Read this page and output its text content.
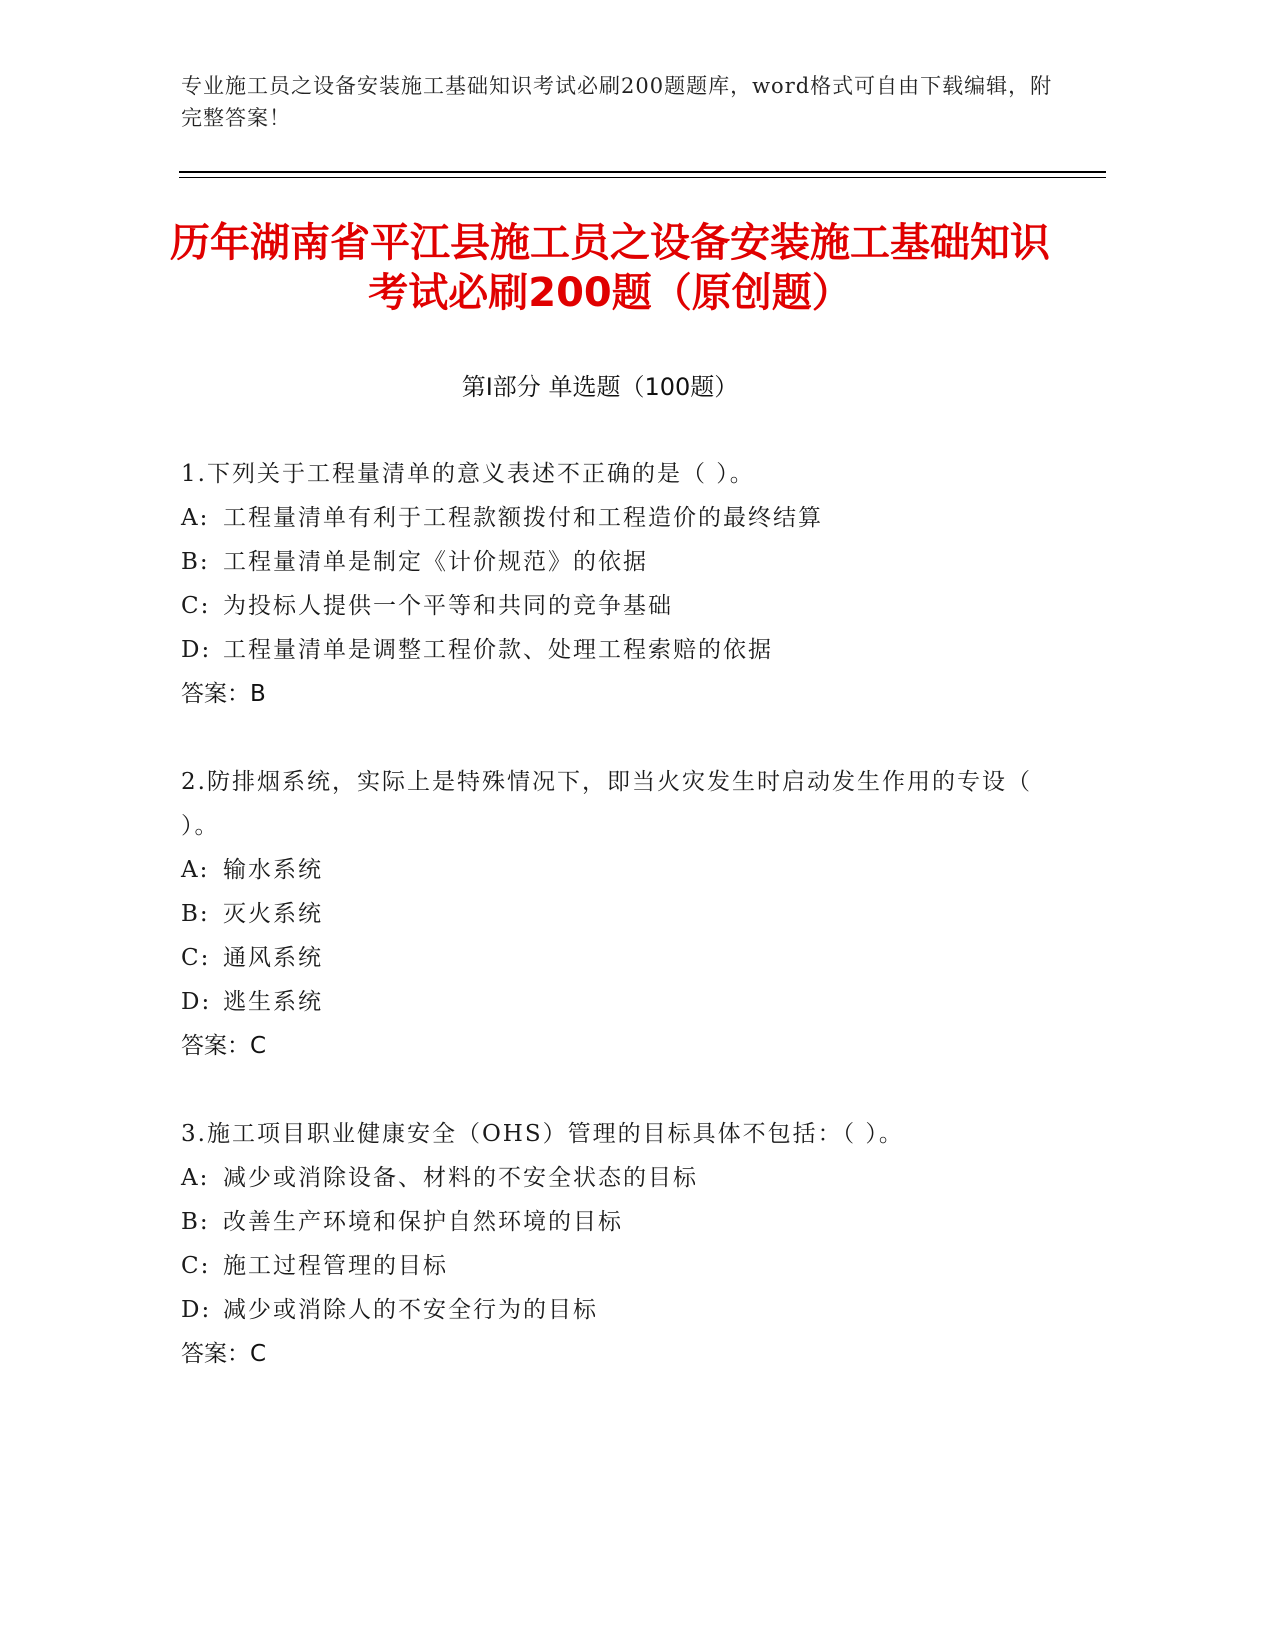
专业施工员之设备安装施工基础知识考试必刷200题题库，word格式可自由下载编辑，附完整答案！
历年湖南省平江县施工员之设备安装施工基础知识考试必刷200题（原创题）
第Ⅰ部分 单选题（100题）
1.下列关于工程量清单的意义表述不正确的是（ ）。
A: 工程量清单有利于工程款额拨付和工程造价的最终结算
B: 工程量清单是制定《计价规范》的依据
C: 为投标人提供一个平等和共同的竞争基础
D: 工程量清单是调整工程价款、处理工程索赔的依据
答案：B
2.防排烟系统，实际上是特殊情况下，即当火灾发生时启动发生作用的专设（ ）。
A: 输水系统
B: 灭火系统
C: 通风系统
D: 逃生系统
答案：C
3.施工项目职业健康安全（OHS）管理的目标具体不包括：（ ）。
A: 减少或消除设备、材料的不安全状态的目标
B: 改善生产环境和保护自然环境的目标
C: 施工过程管理的目标
D: 减少或消除人的不安全行为的目标
答案：C
